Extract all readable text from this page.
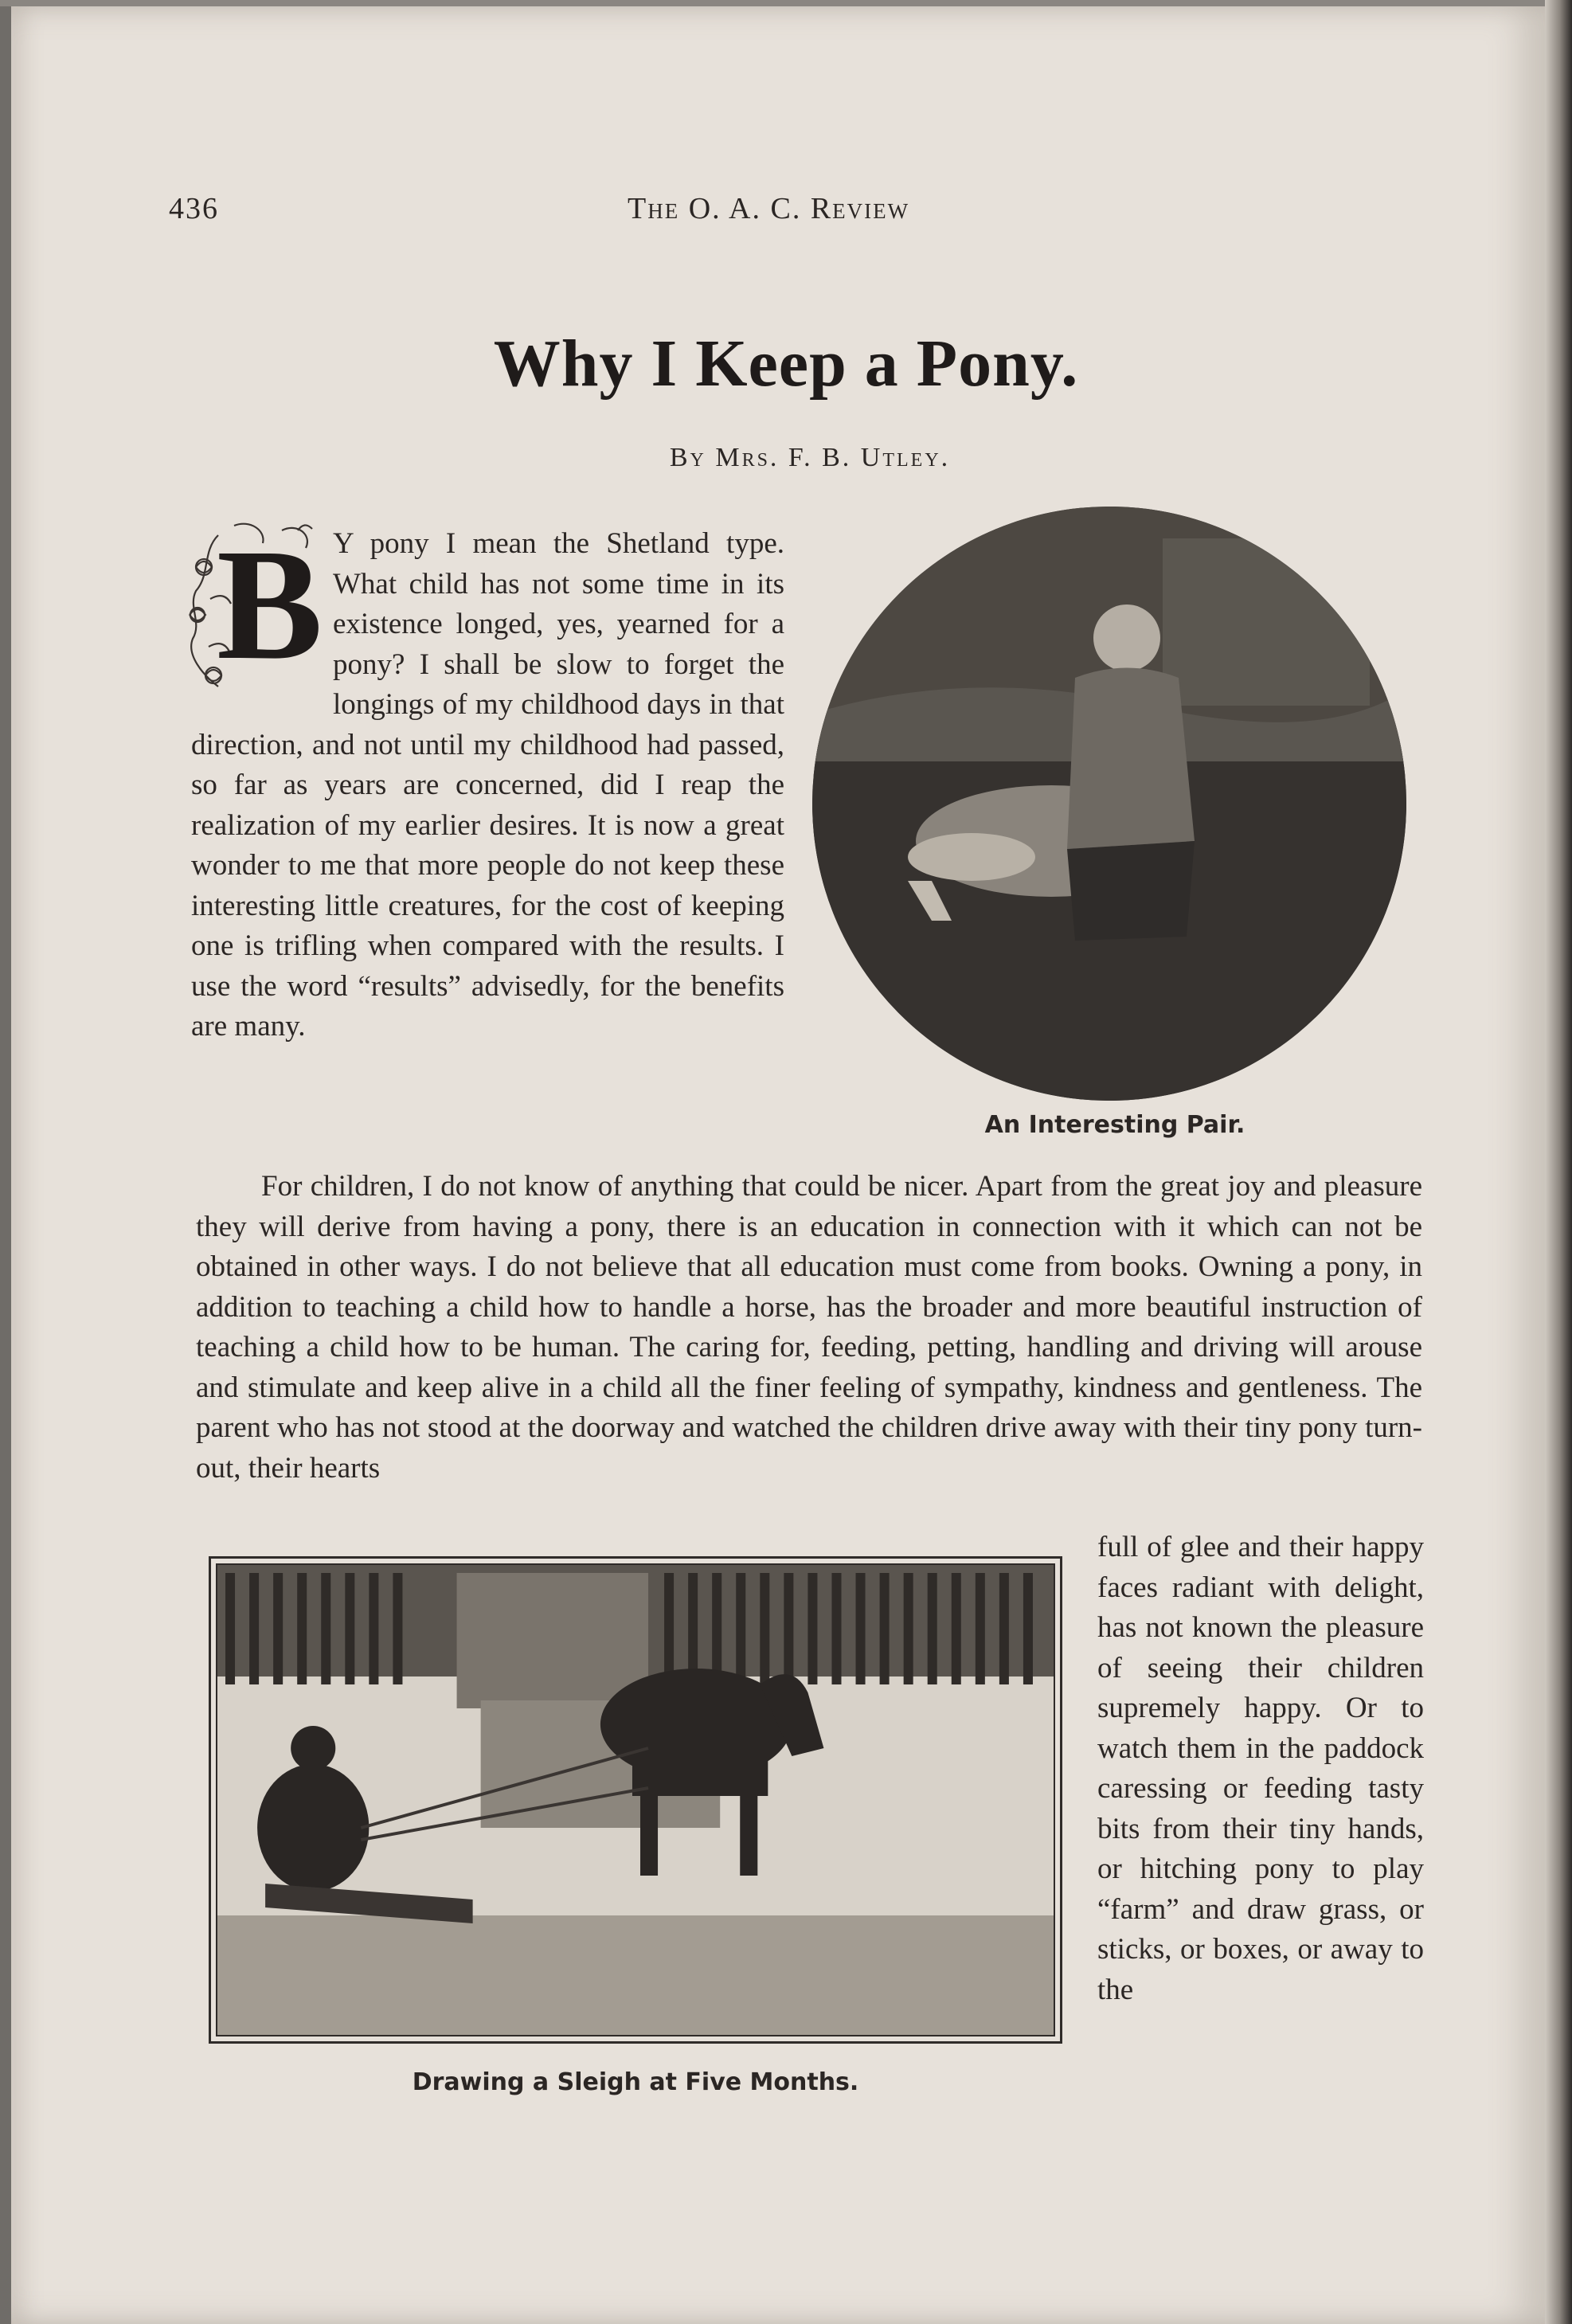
436	The O. A. C. Review
Why I Keep a Pony.
By Mrs. F. B. Utley.
B Y pony I mean the Shetland type. What child has not some time in its existence longed, yes, yearned for a pony? I shall be slow to forget the longings of my childhood days in that direction, and not until my childhood had passed, so far as years are concerned, did I reap the realization of my earlier desires. It is now a great wonder to me that more people do not keep these interesting little creatures, for the cost of keeping one is trifling when compared with the results. I use the word “results” advisedly, for the benefits are many.
An Interesting Pair.

For children, I do not know of anything that could be nicer. Apart from the great joy and pleasure they will derive from having a pony, there is an education in connection with it which can not be obtained in other ways. I do not believe that all education must come from books. Owning a pony, in addition to teaching a child how to handle a horse, has the broader and more beautiful instruction of teaching a child how to be human. The caring for, feeding, petting, handling and driving will arouse and stimulate and keep alive in a child all the finer feeling of sympathy, kindness and gentleness. The parent who has not stood at the doorway and watched the children drive away with their tiny pony turn-out, their hearts

Drawing a Sleigh at Five Months.
full of glee and their happy faces radiant with delight, has not known the pleasure of seeing their children supremely happy. Or to watch them in the paddock caressing or feeding tasty bits from their tiny hands, or hitching pony to play “farm” and draw grass, or sticks, or boxes, or away to the
